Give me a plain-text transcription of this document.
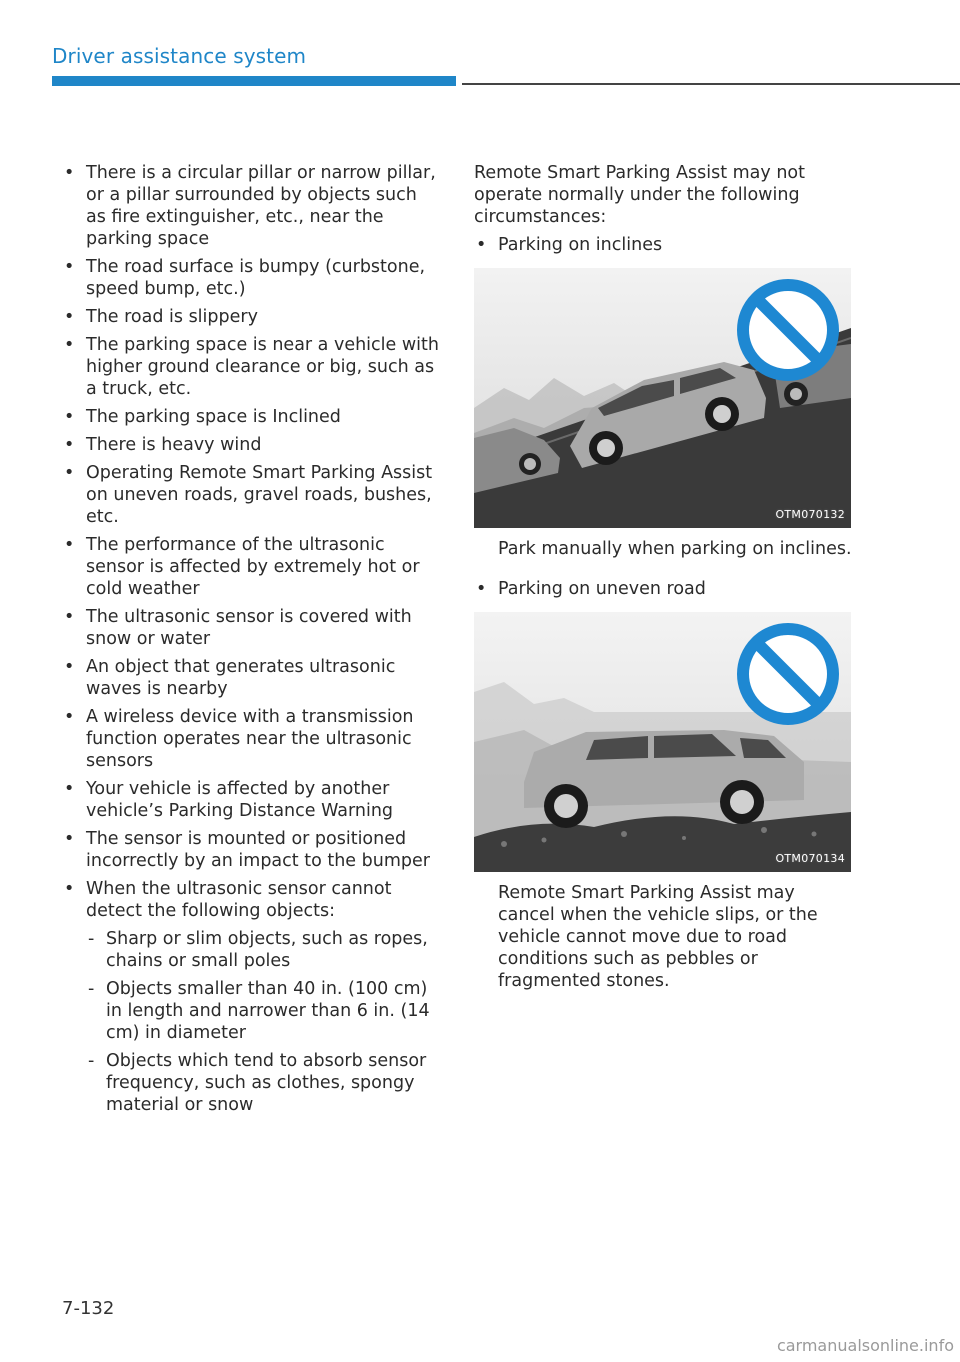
Driver assistance system
• There is a circular pillar or narrow pillar, or a pillar surrounded by objects such as fire extinguisher, etc., near the parking space
• The road surface is bumpy (curbstone, speed bump, etc.)
• The road is slippery
• The parking space is near a vehicle with higher ground clearance or big, such as a truck, etc.
• The parking space is Inclined
• There is heavy wind
• Operating Remote Smart Parking Assist on uneven roads, gravel roads, bushes, etc.
• The performance of the ultrasonic sensor is affected by extremely hot or cold weather
• The ultrasonic sensor is covered with snow or water
• An object that generates ultrasonic waves is nearby
• A wireless device with a transmission function operates near the ultrasonic sensors
• Your vehicle is affected by another vehicle’s Parking Distance Warning
• The sensor is mounted or positioned incorrectly by an impact to the bumper
• When the ultrasonic sensor cannot detect the following objects:
- Sharp or slim objects, such as ropes, chains or small poles
- Objects smaller than 40 in. (100 cm) in length and narrower than 6 in. (14 cm) in diameter
- Objects which tend to absorb sensor frequency, such as clothes, spongy material or snow

Remote Smart Parking Assist may not operate normally under the following circumstances:

• Parking on inclines
OTM070132

Park manually when parking on inclines.

• Parking on uneven road
OTM070134

Remote Smart Parking Assist may cancel when the vehicle slips, or the vehicle cannot move due to road conditions such as pebbles or fragmented stones.

7-132
carmanualsonline.info
